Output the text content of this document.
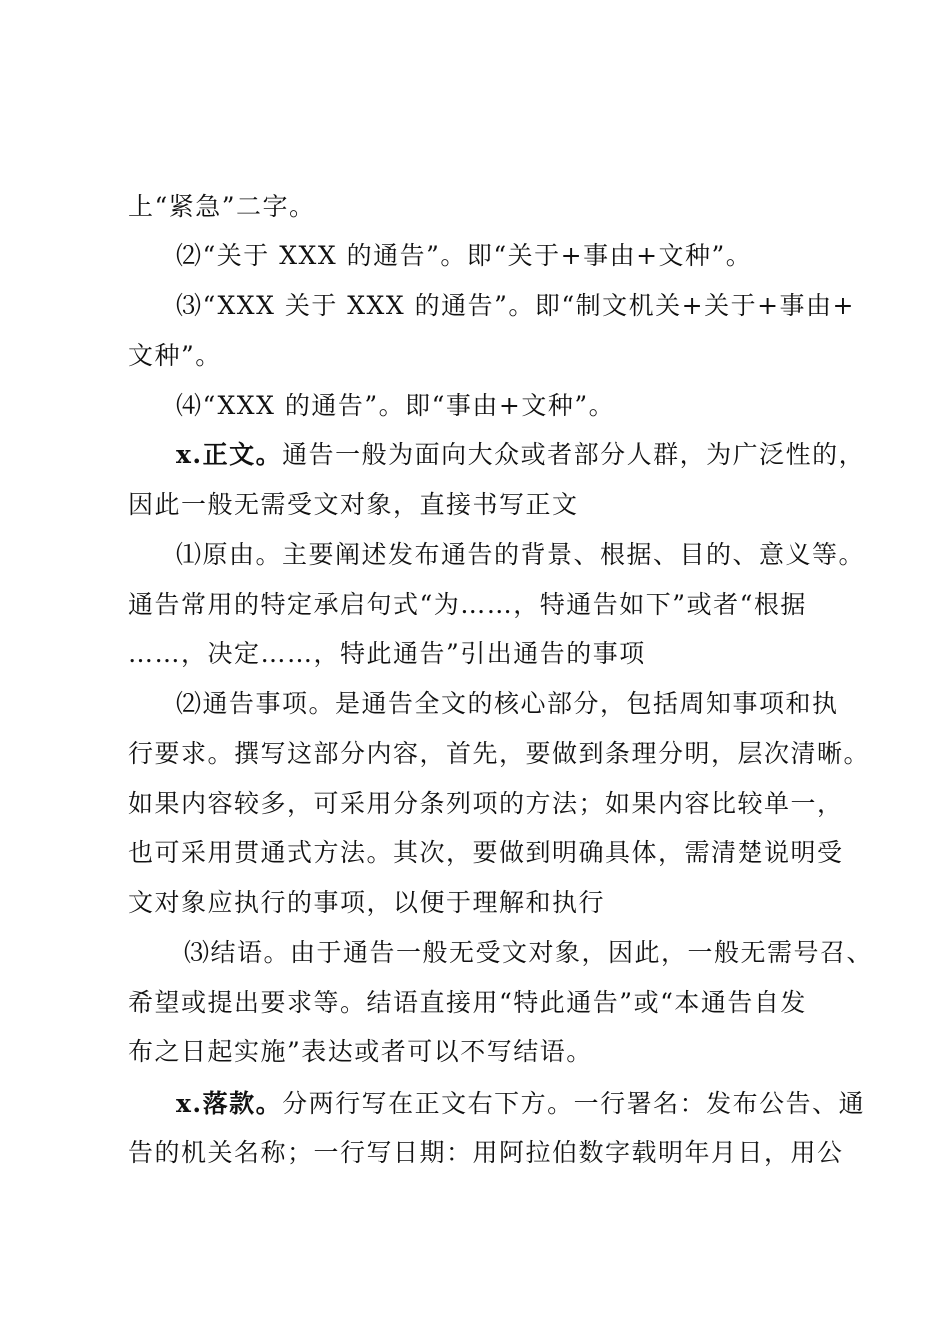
上“紧急”二字。
⑵“关于 XXX 的通告”。即“关于+事由+文种”。
⑶“XXX 关于 XXX 的通告”。即“制文机关+关于+事由+
文种”。
⑷“XXX 的通告”。即“事由+文种”。
x.正文。通告一般为面向大众或者部分人群，为广泛性的，
因此一般无需受文对象，直接书写正文
⑴原由。主要阐述发布通告的背景、根据、目的、意义等。
通告常用的特定承启句式“为……，特通告如下”或者“根据
……，决定……，特此通告”引出通告的事项
⑵通告事项。是通告全文的核心部分，包括周知事项和执
行要求。撰写这部分内容，首先，要做到条理分明，层次清晰。
如果内容较多，可采用分条列项的方法；如果内容比较单一，
也可采用贯通式方法。其次，要做到明确具体，需清楚说明受
文对象应执行的事项，以便于理解和执行
⑶结语。由于通告一般无受文对象，因此，一般无需号召、
希望或提出要求等。结语直接用“特此通告”或“本通告自发
布之日起实施”表达或者可以不写结语。
x.落款。分两行写在正文右下方。一行署名：发布公告、通
告的机关名称；一行写日期：用阿拉伯数字载明年月日，用公
